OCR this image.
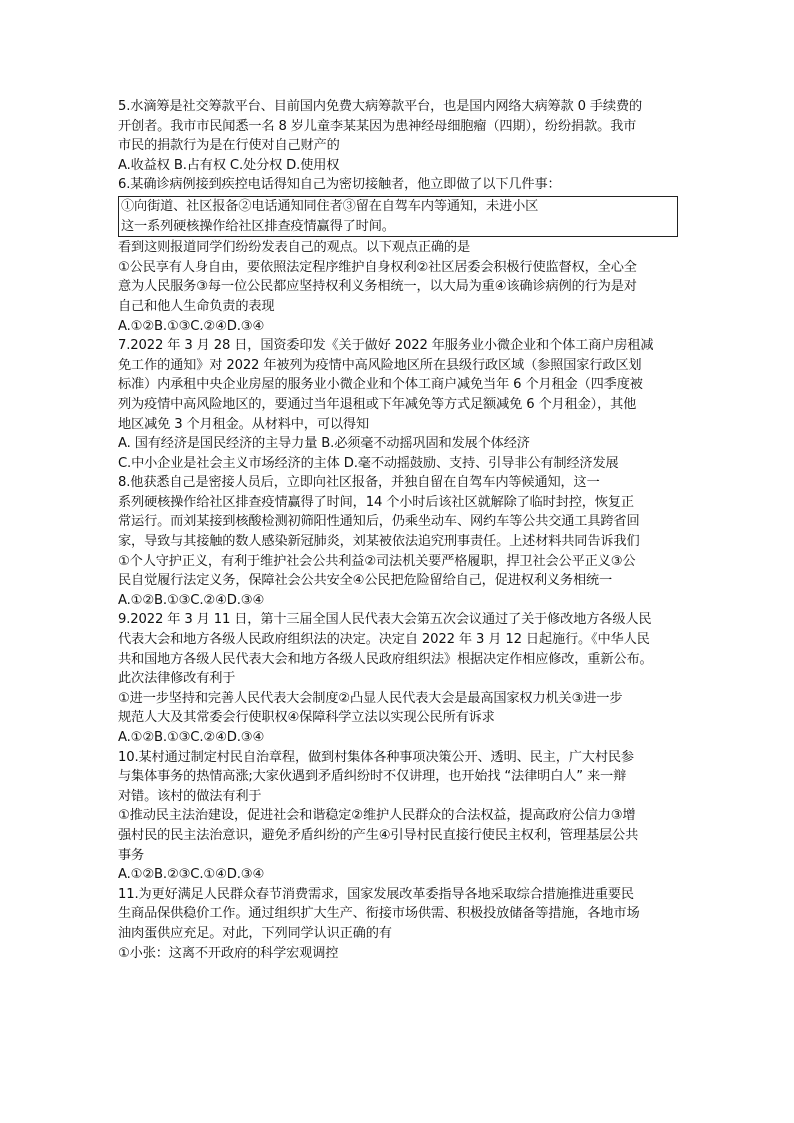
5.水滴筹是社交筹款平台、目前国内免费大病筹款平台，也是国内网络大病筹款 0 手续费的
开创者。我市市民闻悉一名 8 岁儿童李某某因为患神经母细胞瘤（四期），纷纷捐款。我市
市民的捐款行为是在行使对自己财产的
A.收益权 B.占有权 C.处分权 D.使用权
6.某确诊病例接到疾控电话得知自己为密切接触者，他立即做了以下几件事：
①向街道、社区报备②电话通知同住者③留在自驾车内等通知，未进小区
这一系列硬核操作给社区排查疫情赢得了时间。
看到这则报道同学们纷纷发表自己的观点。以下观点正确的是
①公民享有人身自由，要依照法定程序维护自身权利②社区居委会积极行使监督权，全心全
意为人民服务③每一位公民都应坚持权利义务相统一，以大局为重④该确诊病例的行为是对
自己和他人生命负责的表现
A.①②B.①③C.②④D.③④
7.2022 年 3 月 28 日，国资委印发《关于做好 2022 年服务业小微企业和个体工商户房租减
免工作的通知》对 2022 年被列为疫情中高风险地区所在县级行政区域（参照国家行政区划
标准）内承租中央企业房屋的服务业小微企业和个体工商户减免当年 6 个月租金（四季度被
列为疫情中高风险地区的，要通过当年退租或下年减免等方式足额减免 6 个月租金），其他
地区减免 3 个月租金。从材料中，可以得知
A. 国有经济是国民经济的主导力量 B.必须毫不动摇巩固和发展个体经济
C.中小企业是社会主义市场经济的主体 D.毫不动摇鼓励、支持、引导非公有制经济发展
8.他获悉自己是密接人员后，立即向社区报备，并独自留在自驾车内等候通知，这一
系列硬核操作给社区排查疫情赢得了时间，14 个小时后该社区就解除了临时封控，恢复正
常运行。而刘某接到核酸检测初筛阳性通知后，仍乘坐动车、网约车等公共交通工具跨省回
家，导致与其接触的数人感染新冠肺炎，刘某被依法追究刑事责任。上述材料共同告诉我们
①个人守护正义，有利于维护社会公共利益②司法机关要严格履职，捍卫社会公平正义③公
民自觉履行法定义务，保障社会公共安全④公民把危险留给自己，促进权利义务相统一
A.①②B.①③C.②④D.③④
9.2022 年 3 月 11 日，第十三届全国人民代表大会第五次会议通过了关于修改地方各级人民
代表大会和地方各级人民政府组织法的决定。决定自 2022 年 3 月 12 日起施行。《中华人民
共和国地方各级人民代表大会和地方各级人民政府组织法》根据决定作相应修改，重新公布。
此次法律修改有利于
①进一步坚持和完善人民代表大会制度②凸显人民代表大会是最高国家权力机关③进一步
规范人大及其常委会行使职权④保障科学立法以实现公民所有诉求
A.①②B.①③C.②④D.③④
10.某村通过制定村民自治章程，做到村集体各种事项决策公开、透明、民主，广大村民参
与集体事务的热情高涨;大家伙遇到矛盾纠纷时不仅讲理，也开始找 “法律明白人” 来一辩
对错。该村的做法有利于
①推动民主法治建设，促进社会和谐稳定②维护人民群众的合法权益，提高政府公信力③增
强村民的民主法治意识，避免矛盾纠纷的产生④引导村民直接行使民主权利，管理基层公共
事务
A.①②B.②③C.①④D.③④
11.为更好满足人民群众春节消费需求，国家发展改革委指导各地采取综合措施推进重要民
生商品保供稳价工作。通过组织扩大生产、衔接市场供需、积极投放储备等措施，各地市场
油肉蛋供应充足。对此，下列同学认识正确的有
①小张：这离不开政府的科学宏观调控
